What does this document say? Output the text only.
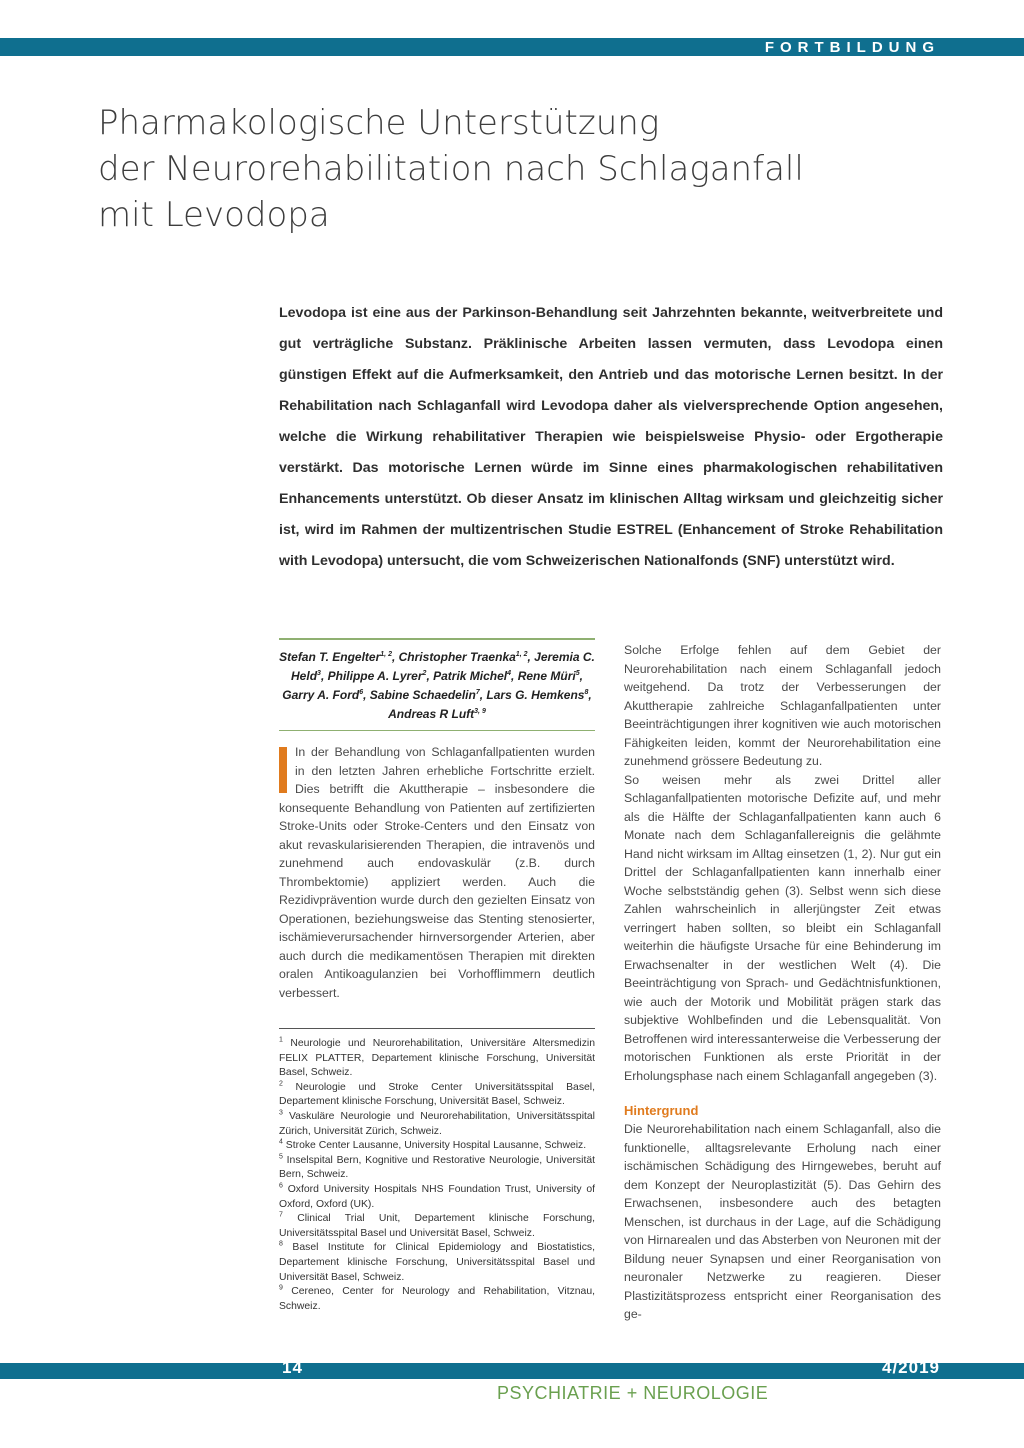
FORTBILDUNG
Pharmakologische Unterstützung
der Neurorehabilitation nach Schlaganfall
mit Levodopa

Levodopa ist eine aus der Parkinson-Behandlung seit Jahrzehnten bekannte, weitverbreitete und gut verträgliche Substanz. Präklinische Arbeiten lassen vermuten, dass Levodopa einen günstigen Effekt auf die Aufmerksamkeit, den Antrieb und das motorische Lernen besitzt. In der Rehabilitation nach Schlaganfall wird Levodopa daher als vielversprechende Option angesehen, welche die Wirkung rehabilitativer Therapien wie beispielsweise Physio- oder Ergotherapie verstärkt. Das motorische Lernen würde im Sinne eines pharmakologischen rehabilitativen Enhancements unterstützt. Ob dieser Ansatz im klinischen Alltag wirksam und gleichzeitig sicher ist, wird im Rahmen der multizentrischen Studie ESTREL (Enhancement of Stroke Rehabilitation with Levodopa) untersucht, die vom Schweizerischen Nationalfonds (SNF) unterstützt wird.

Stefan T. Engelter$^{1, 2}$, Christopher Traenka$^{1, 2}$, Jeremia C. Held$^3$, Philippe A. Lyrer$^2$, Patrik Michel$^4$, Rene Müri$^5$, Garry A. Ford$^6$, Sabine Schaedelin$^7$, Lars G. Hemkens$^8$, Andreas R Luft$^{3, 9}$

In der Behandlung von Schlaganfallpatienten wurden in den letzten Jahren erhebliche Fortschritte erzielt. Dies betrifft die Akuttherapie – insbesondere die konsequente Behandlung von Patienten auf zertifizierten Stroke-Units oder Stroke-Centers und den Einsatz von akut revaskularisierenden Therapien, die intravenös und zunehmend auch endovaskulär (z.B. durch Thrombektomie) appliziert werden. Auch die Rezidivprävention wurde durch den gezielten Einsatz von Operationen, beziehungsweise das Stenting stenosierter, ischämieverursachender hirnversorgender Arterien, aber auch durch die medikamentösen Therapien mit direkten oralen Antikoagulanzien bei Vorhofflimmern deutlich verbessert.

$^1$ Neurologie und Neurorehabilitation, Universitäre Altersmedizin FELIX PLATTER, Departement klinische Forschung, Universität Basel, Schweiz.

$^2$ Neurologie und Stroke Center Universitätsspital Basel, Departement klinische Forschung, Universität Basel, Schweiz.

$^3$ Vaskuläre Neurologie und Neurorehabilitation, Universitätsspital Zürich, Universität Zürich, Schweiz.

$^4$ Stroke Center Lausanne, University Hospital Lausanne, Schweiz.

$^5$ Inselspital Bern, Kognitive und Restorative Neurologie, Universität Bern, Schweiz.

$^6$ Oxford University Hospitals NHS Foundation Trust, University of Oxford, Oxford (UK).

$^7$ Clinical Trial Unit, Departement klinische Forschung, Universitätsspital Basel und Universität Basel, Schweiz.

$^8$ Basel Institute for Clinical Epidemiology and Biostatistics, Departement klinische Forschung, Universitätsspital Basel und Universität Basel, Schweiz.

$^9$ Cereneo, Center for Neurology and Rehabilitation, Vitznau, Schweiz.

Solche Erfolge fehlen auf dem Gebiet der Neurorehabilitation nach einem Schlaganfall jedoch weitgehend. Da trotz der Verbesserungen der Akuttherapie zahlreiche Schlaganfallpatienten unter Beeinträchtigungen ihrer kognitiven wie auch motorischen Fähigkeiten leiden, kommt der Neurorehabilitation eine zunehmend grössere Bedeutung zu.

So weisen mehr als zwei Drittel aller Schlaganfallpatienten motorische Defizite auf, und mehr als die Hälfte der Schlaganfallpatienten kann auch 6 Monate nach dem Schlaganfallereignis die gelähmte Hand nicht wirksam im Alltag einsetzen (1, 2). Nur gut ein Drittel der Schlaganfallpatienten kann innerhalb einer Woche selbstständig gehen (3). Selbst wenn sich diese Zahlen wahrscheinlich in allerjüngster Zeit etwas verringert haben sollten, so bleibt ein Schlaganfall weiterhin die häufigste Ursache für eine Behinderung im Erwachsenalter in der westlichen Welt (4). Die Beeinträchtigung von Sprach- und Gedächtnisfunktionen, wie auch der Motorik und Mobilität prägen stark das subjektive Wohlbefinden und die Lebensqualität. Von Betroffenen wird interessanterweise die Verbesserung der motorischen Funktionen als erste Priorität in der Erholungsphase nach einem Schlaganfall angegeben (3).

Hintergrund

Die Neurorehabilitation nach einem Schlaganfall, also die funktionelle, alltagsrelevante Erholung nach einer ischämischen Schädigung des Hirngewebes, beruht auf dem Konzept der Neuroplastizität (5). Das Gehirn des Erwachsenen, insbesondere auch des betagten Menschen, ist durchaus in der Lage, auf die Schädigung von Hirnarealen und das Absterben von Neuronen mit der Bildung neuer Synapsen und einer Reorganisation von neuronaler Netzwerke zu reagieren. Dieser Plastizitätsprozess entspricht einer Reorganisation des ge-

14	4/2019
PSYCHIATRIE + NEUROLOGIE
